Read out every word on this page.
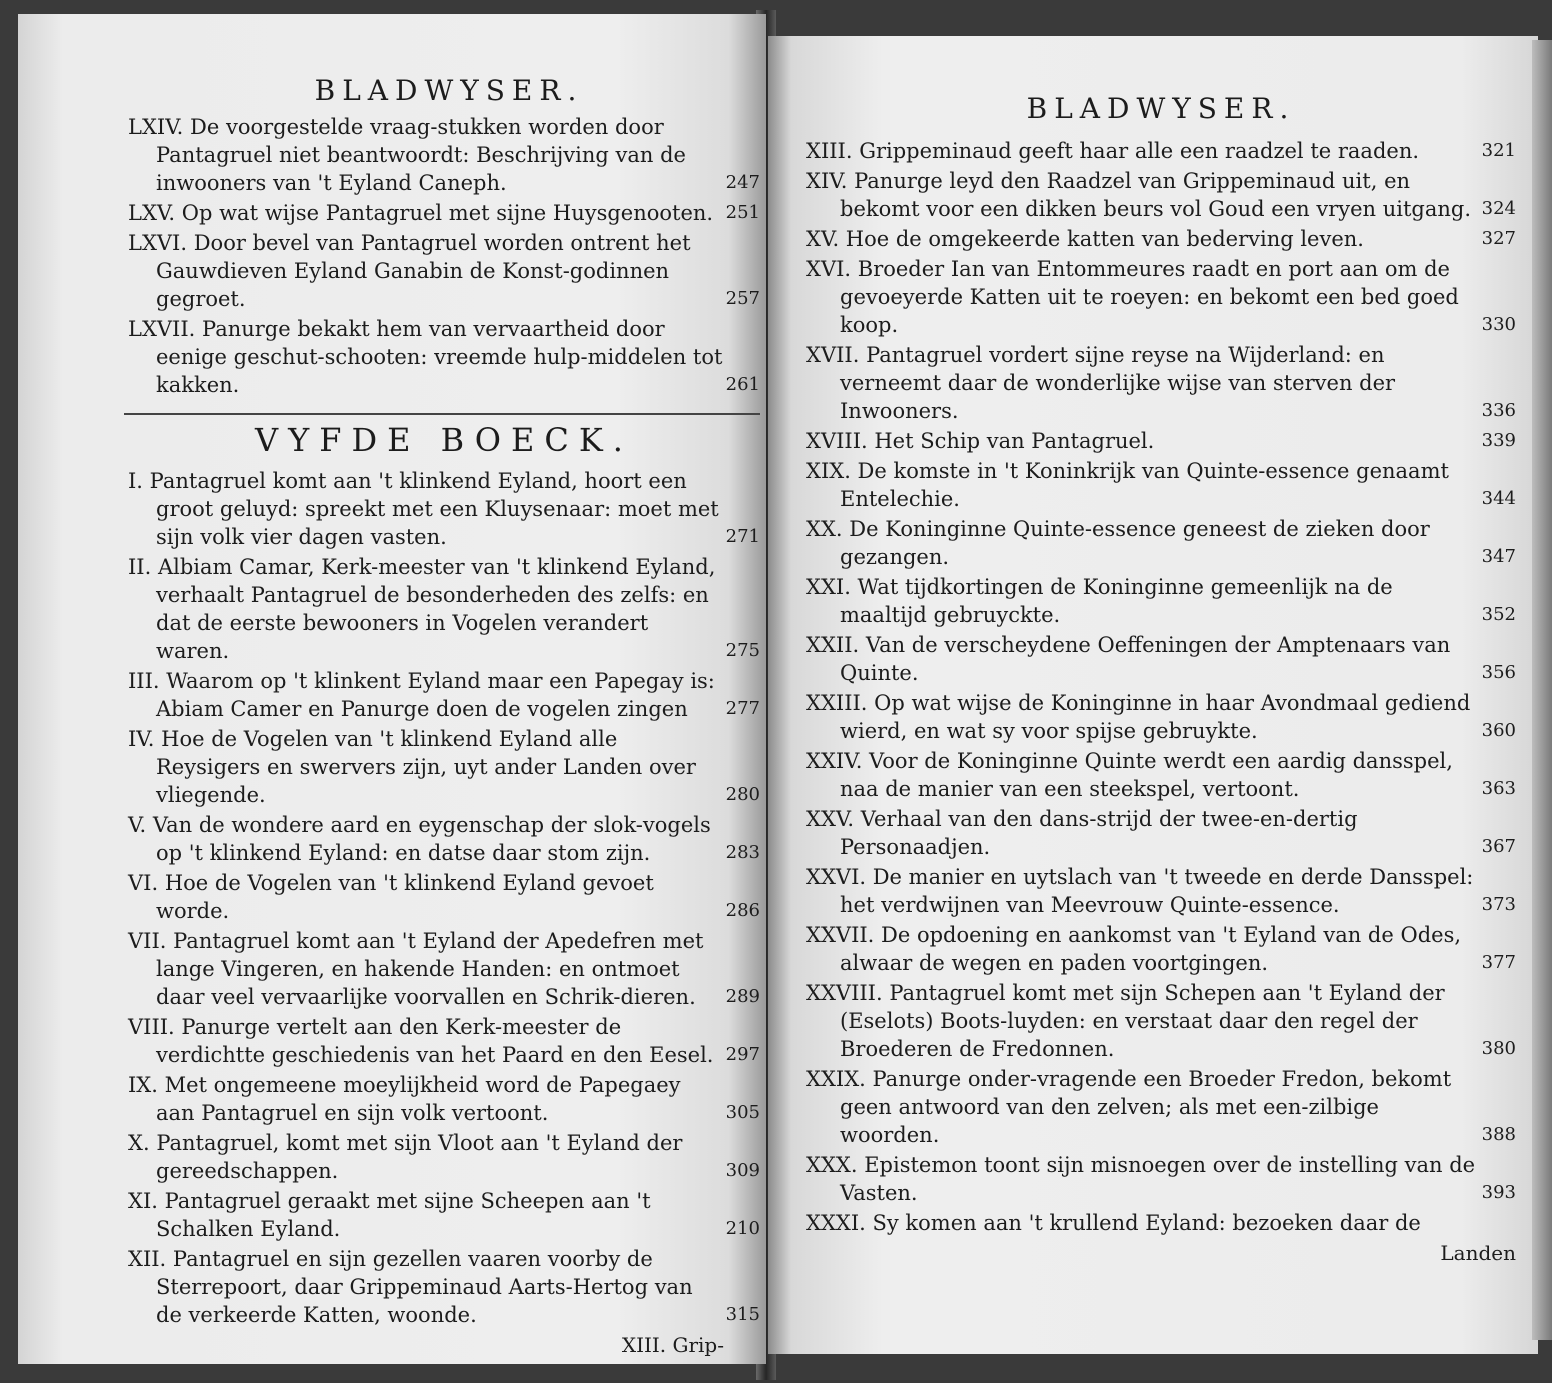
BLADWYSER.
LXIV. De voorgestelde vraag-stukken worden door Pantagruel niet beantwoordt: Beschrijving van de inwooners van 't Eyland Caneph.	247
LXV. Op wat wijse Pantagruel met sijne Huysgenooten. 251
LXVI. Door bevel van Pantagruel worden ontrent het Gauwdieven Eyland Ganabin de Konst-godinnen gegroet.	257
LXVII. Panurge bekakt hem van vervaartheid door eenige geschut-schooten: vreemde hulp-middelen tot kakken.	261
VYFDE BOECK.
I. Pantagruel komt aan 't klinkend Eyland, hoort een groot geluyd: spreekt met een Kluysenaar: moet met sijn volk vier dagen vasten.	271
II. Albiam Camar, Kerk-meester van 't klinkend Eyland, verhaalt Pantagruel de besonderheden des zelfs: en dat de eerste bewooners in Vogelen verandert waren.	275
III. Waarom op 't klinkent Eyland maar een Papegay is: Abiam Camer en Panurge doen de vogelen zingen 277
IV. Hoe de Vogelen van 't klinkend Eyland alle Reysigers en swervers zijn, uyt ander Landen over vliegende.	280
V. Van de wondere aard en eygenschap der slok-vogels op 't klinkend Eyland: en datse daar stom zijn.	283
VI. Hoe de Vogelen van 't klinkend Eyland gevoet worde.	286
VII. Pantagruel komt aan 't Eyland der Apedefren met lange Vingeren, en hakende Handen: en ontmoet daar veel vervaarlijke voorvallen en Schrik-dieren. 289
VIII. Panurge vertelt aan den Kerk-meester de verdichtte geschiedenis van het Paard en den Eesel. 297
IX. Met ongemeene moeylijkheid word de Papegaey aan Pantagruel en sijn volk vertoont.	305
X. Pantagruel, komt met sijn Vloot aan 't Eyland der gereedschappen.	309
XI. Pantagruel geraakt met sijne Scheepen aan 't Schalken Eyland.	210
XII. Pantagruel en sijn gezellen vaaren voorby de Sterrepoort, daar Grippeminaud Aarts-Hertog van de verkeerde Katten, woonde.	315
XIII. Grip-
BLADWYSER.
XIII. Grippeminaud geeft haar alle een raadzel te raaden.	321
XIV. Panurge leyd den Raadzel van Grippeminaud uit, en bekomt voor een dikken beurs vol Goud een vryen uitgang. 324
XV. Hoe de omgekeerde katten van bederving leven.	327
XVI. Broeder Ian van Entommeures raadt en port aan om de gevoeyerde Katten uit te roeyen: en bekomt een bed goed koop.	330
XVII. Pantagruel vordert sijne reyse na Wijderland: en verneemt daar de wonderlijke wijse van sterven der Inwooners.	336
XVIII. Het Schip van Pantagruel.	339
XIX. De komste in 't Koninkrijk van Quinte-essence genaamt Entelechie.	344
XX. De Koninginne Quinte-essence geneest de zieken door gezangen.	347
XXI. Wat tijdkortingen de Koninginne gemeenlijk na de maaltijd gebruyckte.	352
XXII. Van de verscheydene Oeffeningen der Amptenaars van Quinte.	356
XXIII. Op wat wijse de Koninginne in haar Avondmaal gediend wierd, en wat sy voor spijse gebruykte.	360
XXIV. Voor de Koninginne Quinte werdt een aardig dansspel, naa de manier van een steekspel, vertoont.	363
XXV. Verhaal van den dans-strijd der twee-en-dertig Personaadjen.	367
XXVI. De manier en uytslach van 't tweede en derde Dansspel: het verdwijnen van Meevrouw Quinte-essence.	373
XXVII. De opdoening en aankomst van 't Eyland van de Odes, alwaar de wegen en paden voortgingen.	377
XXVIII. Pantagruel komt met sijn Schepen aan 't Eyland der (Eselots) Boots-luyden: en verstaat daar den regel der Broederen de Fredonnen.	380
XXIX. Panurge onder-vragende een Broeder Fredon, bekomt geen antwoord van den zelven; als met een-zilbige woorden.	388
XXX. Epistemon toont sijn misnoegen over de instelling van de Vasten.	393
XXXI. Sy komen aan 't krullend Eyland: bezoeken daar de
Landen
